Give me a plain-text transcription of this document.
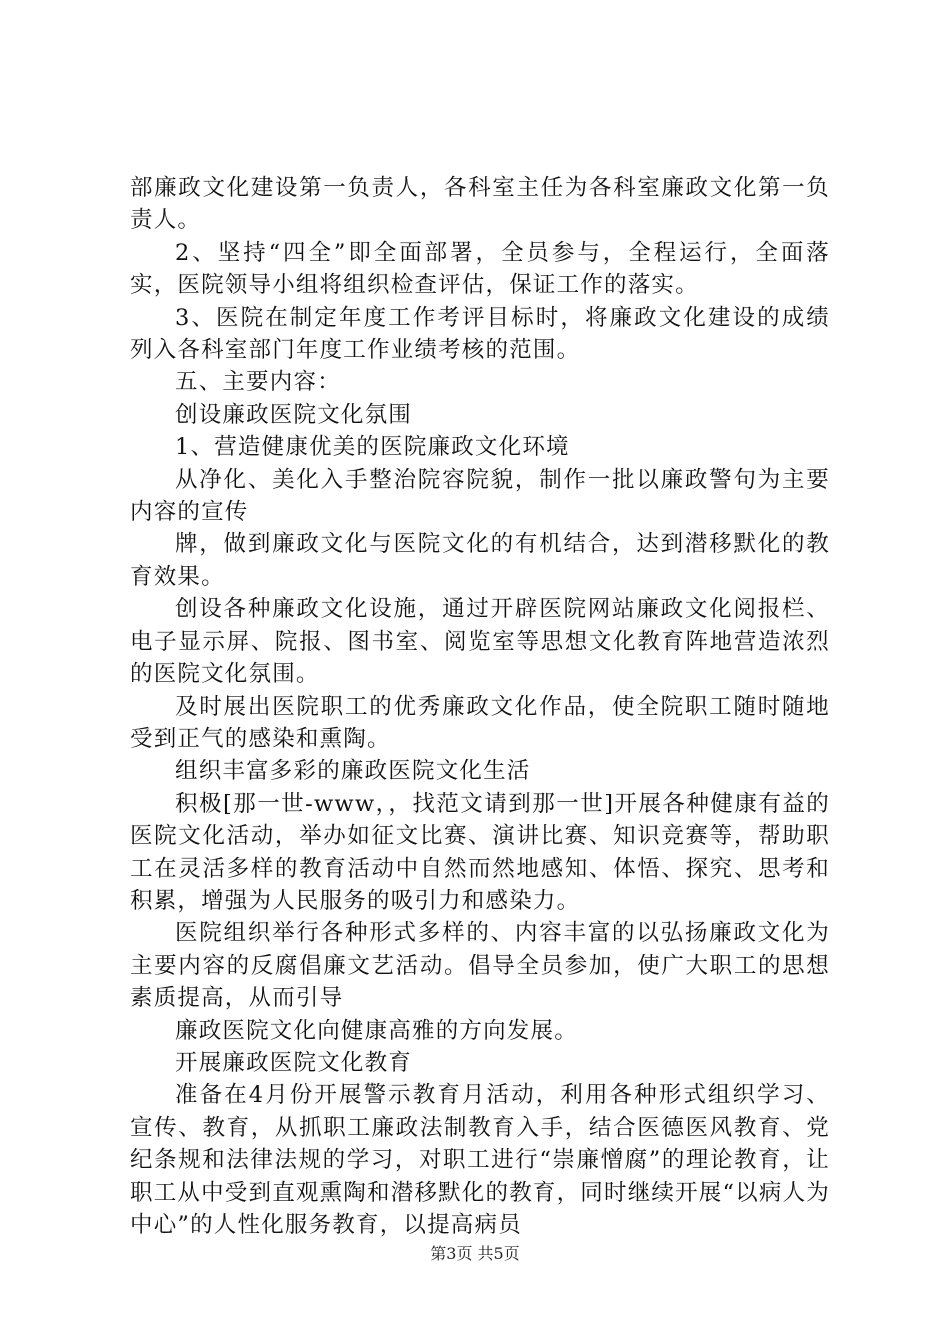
部廉政文化建设第一负责人，各科室主任为各科室廉政文化第一负责人。

2、坚持“四全”即全面部署，全员参与，全程运行，全面落实，医院领导小组将组织检查评估，保证工作的落实。

3、医院在制定年度工作考评目标时，将廉政文化建设的成绩列入各科室部门年度工作业绩考核的范围。

五、主要内容：

创设廉政医院文化氛围

1、营造健康优美的医院廉政文化环境

从净化、美化入手整治院容院貌，制作一批以廉政警句为主要内容的宣传

牌，做到廉政文化与医院文化的有机结合，达到潜移默化的教育效果。

创设各种廉政文化设施，通过开辟医院网站廉政文化阅报栏、电子显示屏、院报、图书室、阅览室等思想文化教育阵地营造浓烈的医院文化氛围。

及时展出医院职工的优秀廉政文化作品，使全院职工随时随地受到正气的感染和熏陶。

组织丰富多彩的廉政医院文化生活

积极[那一世-www，，找范文请到那一世]开展各种健康有益的医院文化活动，举办如征文比赛、演讲比赛、知识竞赛等，帮助职工在灵活多样的教育活动中自然而然地感知、体悟、探究、思考和积累，增强为人民服务的吸引力和感染力。

医院组织举行各种形式多样的、内容丰富的以弘扬廉政文化为主要内容的反腐倡廉文艺活动。倡导全员参加，使广大职工的思想素质提高，从而引导

廉政医院文化向健康高雅的方向发展。

开展廉政医院文化教育

准备在4月份开展警示教育月活动，利用各种形式组织学习、宣传、教育，从抓职工廉政法制教育入手，结合医德医风教育、党纪条规和法律法规的学习，对职工进行“崇廉憎腐”的理论教育，让职工从中受到直观熏陶和潜移默化的教育，同时继续开展“以病人为中心”的人性化服务教育，以提高病员

第3页 共5页
